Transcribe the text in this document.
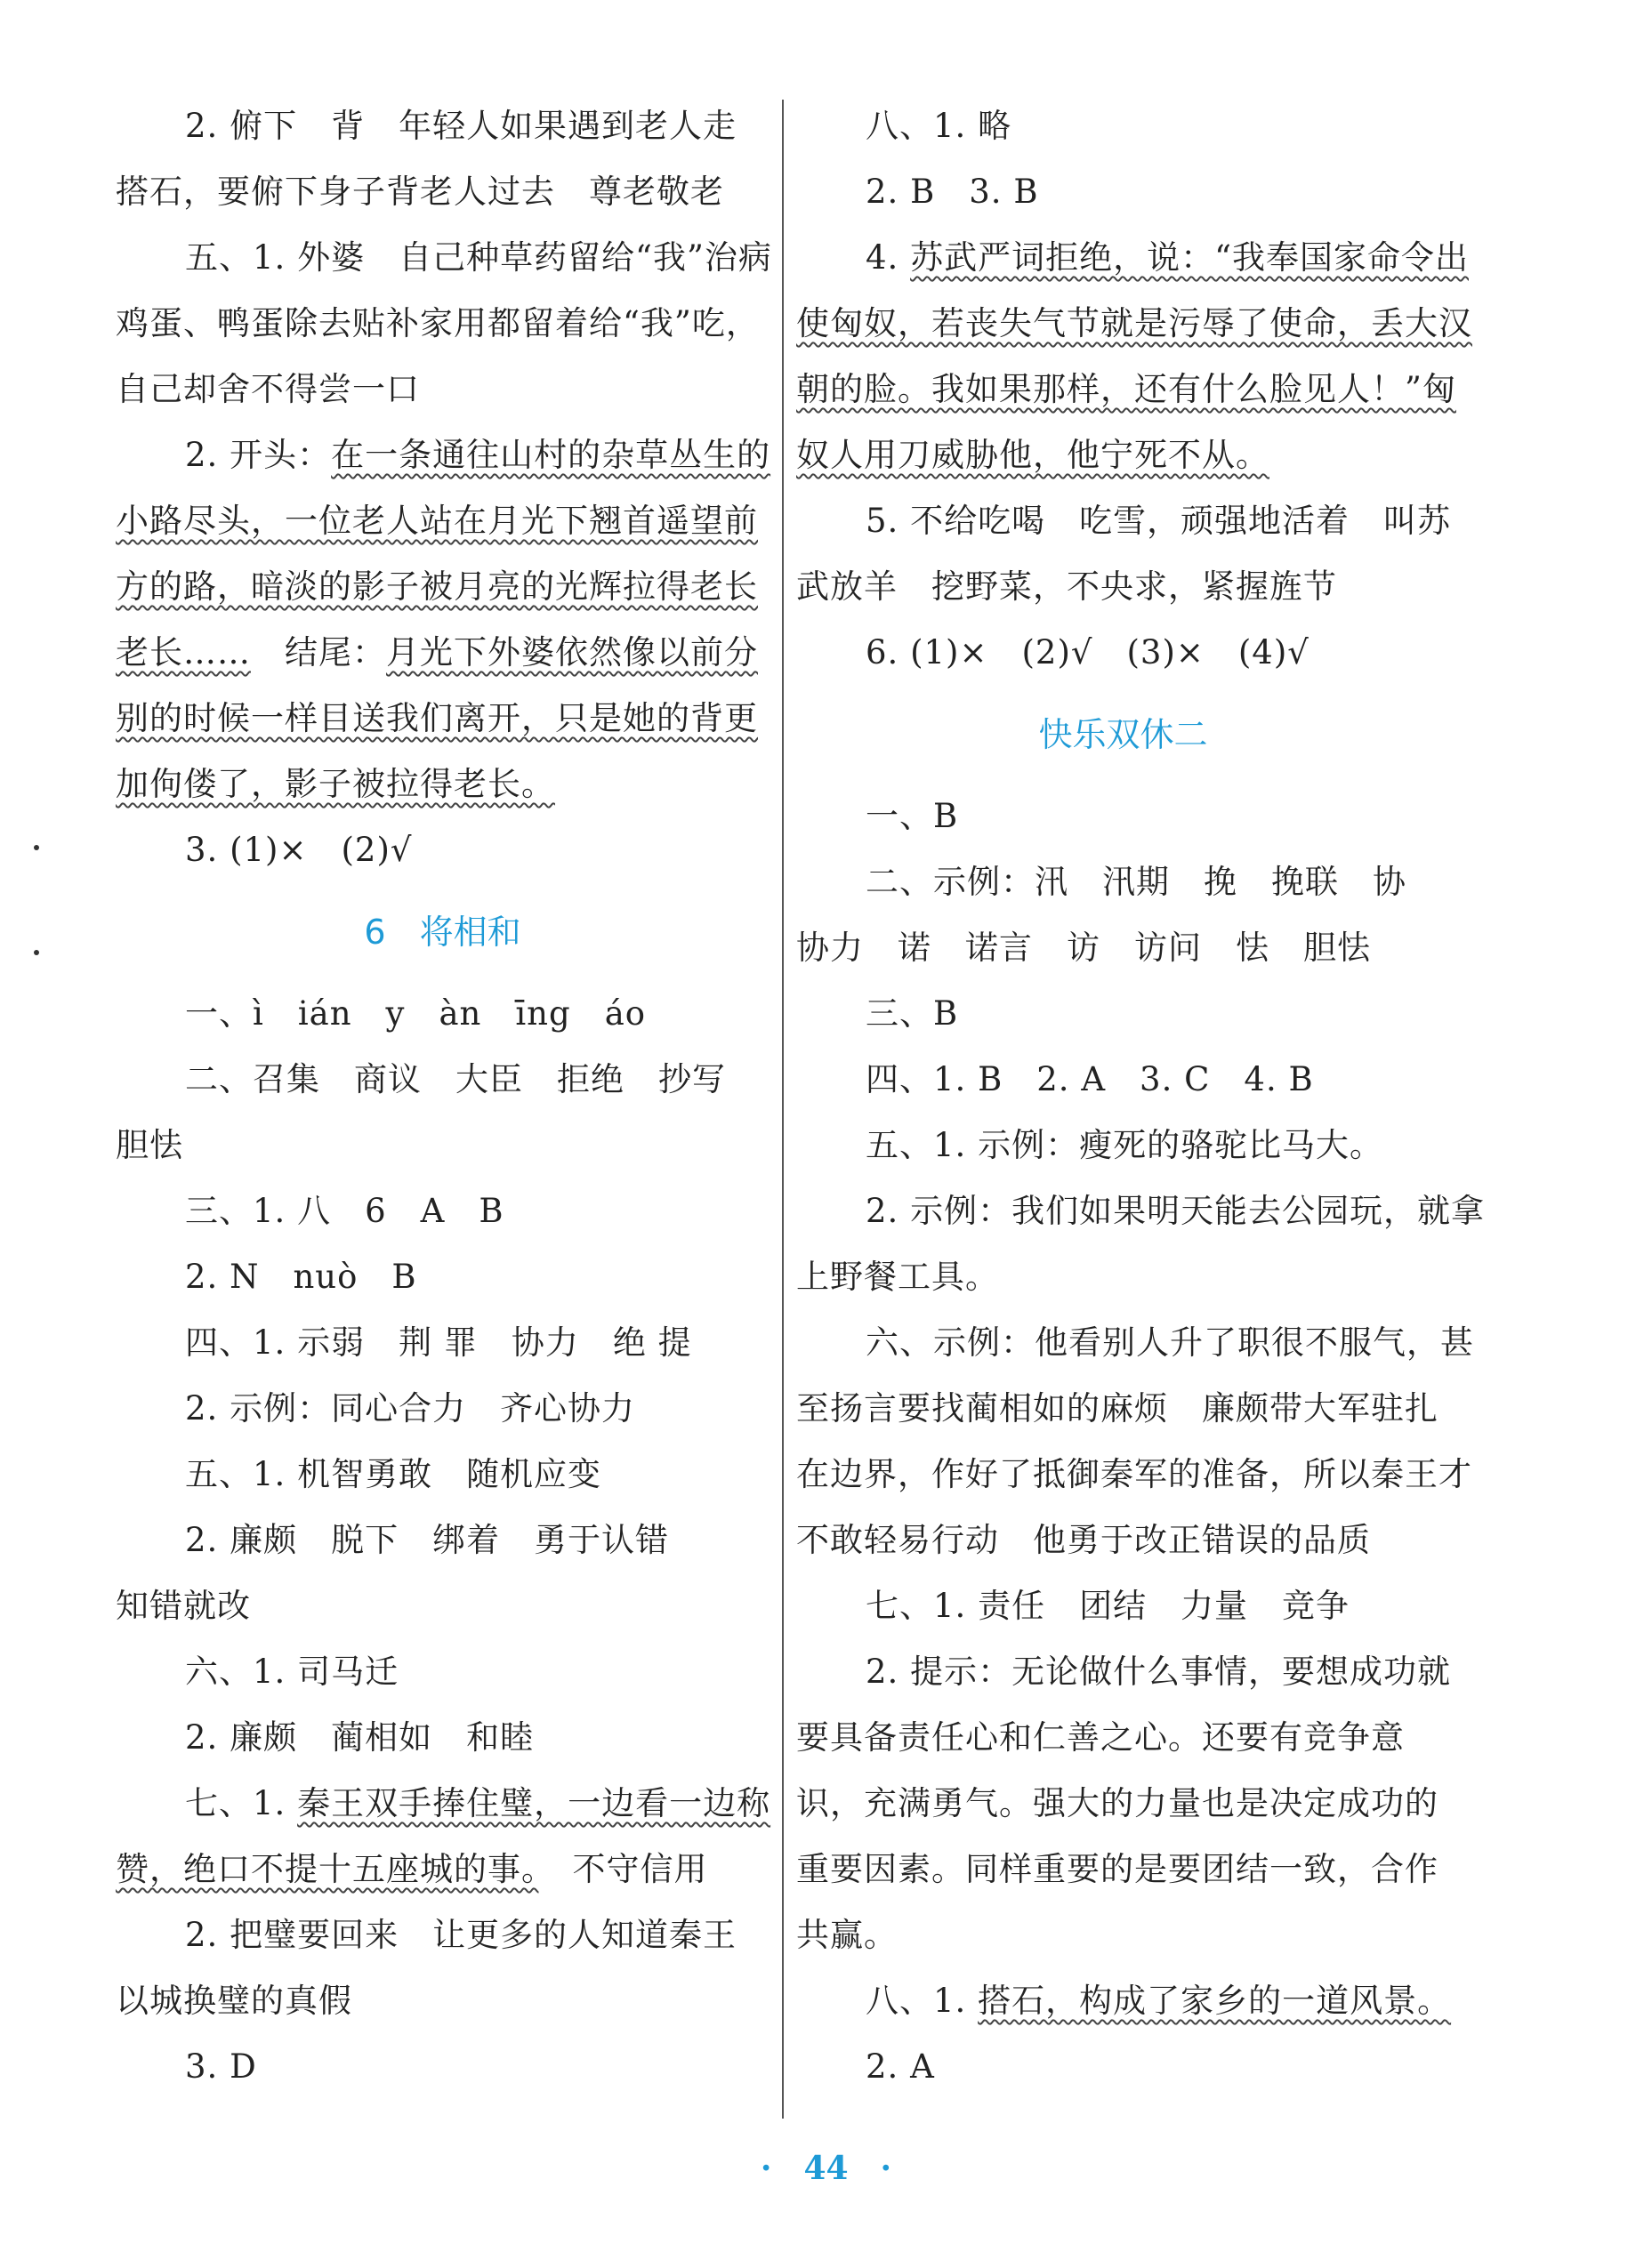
2. 俯下　背　年轻人如果遇到老人走
搭石，要俯下身子背老人过去　尊老敬老
五、1. 外婆　自己种草药留给“我”治病
鸡蛋、鸭蛋除去贴补家用都留着给“我”吃，
自己却舍不得尝一口
2. 开头：在一条通往山村的杂草丛生的
小路尽头，一位老人站在月光下翘首遥望前
方的路，暗淡的影子被月亮的光辉拉得老长
老长……　结尾：月光下外婆依然像以前分
别的时候一样目送我们离开，只是她的背更
加佝偻了，影子被拉得老长。
3. (1)×　(2)√
6　将相和
一、ì　ián　y　àn　īng　áo
二、召集　商议　大臣　拒绝　抄写
胆怯
三、1. 八　6　A　B
2. N　nuò　B
四、1. 示弱　荆 罪　协力　绝 提
2. 示例：同心合力　齐心协力
五、1. 机智勇敢　随机应变
2. 廉颇　脱下　绑着　勇于认错
知错就改
六、1. 司马迁
2. 廉颇　蔺相如　和睦
七、1. 秦王双手捧住璧，一边看一边称
赞，绝口不提十五座城的事。　不守信用
2. 把璧要回来　让更多的人知道秦王
以城换璧的真假
3. D
八、1. 略
2. B　3. B
4. 苏武严词拒绝，说：“我奉国家命令出
使匈奴，若丧失气节就是污辱了使命，丢大汉
朝的脸。我如果那样，还有什么脸见人！”匈
奴人用刀威胁他，他宁死不从。
5. 不给吃喝　吃雪，顽强地活着　叫苏
武放羊　挖野菜，不央求，紧握旌节
6. (1)×　(2)√　(3)×　(4)√
快乐双休二
一、B
二、示例：汛　汛期　挽　挽联　协
协力　诺　诺言　访　访问　怯　胆怯
三、B
四、1. B　2. A　3. C　4. B
五、1. 示例：瘦死的骆驼比马大。
2. 示例：我们如果明天能去公园玩，就拿
上野餐工具。
六、示例：他看别人升了职很不服气，甚
至扬言要找蔺相如的麻烦　廉颇带大军驻扎
在边界，作好了抵御秦军的准备，所以秦王才
不敢轻易行动　他勇于改正错误的品质
七、1. 责任　团结　力量　竞争
2. 提示：无论做什么事情，要想成功就
要具备责任心和仁善之心。还要有竞争意
识，充满勇气。强大的力量也是决定成功的
重要因素。同样重要的是要团结一致，合作
共赢。
八、1. 搭石，构成了家乡的一道风景。
2. A
·　44　·
